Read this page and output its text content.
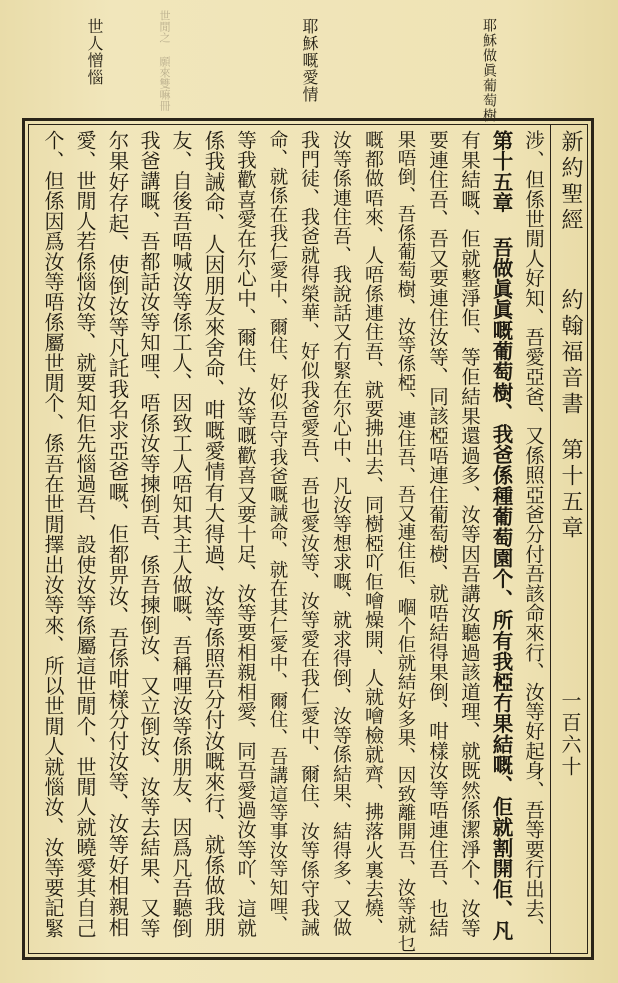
耶穌做眞葡萄樹
世閒之 願來雙嘛冊	耶穌嘅愛情
世人憎惱
新約聖經
約翰福音書
第十五章
一百六十
涉、但係世閒人好知、吾愛亞爸、又係照亞爸分付吾該命來行、汝等好起身、吾等要行出去、
第十五章 吾做眞眞嘅葡萄樹、我爸係種葡萄園个、所有我椏冇果結嘅、佢就割開佢、凡
有果結嘅、佢就整淨佢、等佢結果還過多、汝等因吾講汝聽過該道理、就既然係潔淨个、汝等
要連住吾、吾又要連住汝等、同該椏唔連住葡萄樹、就唔結得果倒、咁樣汝等唔連住吾、也結
果唔倒、吾係葡萄樹、汝等係椏、連住吾、吾又連住佢、嗰个佢就結好多果、因致離開吾、汝等就乜
嘅都做唔來、人唔係連住吾、就要拂出去、同樹椏吖佢噲燥開、人就噲檢就齊、拂落火裏去燒、
汝等係連住吾、我說話又冇緊在尔心中、凡汝等想求嘅、就求得倒、汝等係結果、結得多、又做
我門徒、我爸就得榮華、好似我爸愛吾、吾也愛汝等、汝等愛在我仁愛中、爾住、汝等係守我誡
命、就係在我仁愛中、爾住、好似吾守我爸嘅誡命、就在其仁愛中、爾住、吾講這等事汝等知哩、
等我歡喜愛在尔心中、爾住、汝等嘅歡喜又要十足、汝等要相親相愛、同吾愛過汝等吖、這就
係我誡命、人因朋友來舍命、咁嘅愛情有大得過、汝等係照吾分付汝嘅來行、就係做我朋
友、自後吾唔喊汝等係工人、因致工人唔知其主人做嘅、吾稱哩汝等係朋友、因爲凡吾聽倒
我爸講嘅、吾都話汝等知哩、唔係汝等揀倒吾、係吾揀倒汝、又立倒汝、汝等去結果、又等
尔果好存起、使倒汝等凡託我名求亞爸嘅、佢都畀汝、吾係咁樣分付汝等、汝等好相親相
愛、世閒人若係惱汝等、就要知佢先惱過吾、設使汝等係屬這世閒个、世閒人就曉愛其自己
个、但係因爲汝等唔係屬世閒个、係吾在世閒擇出汝等來、所以世閒人就惱汝、汝等要記緊
